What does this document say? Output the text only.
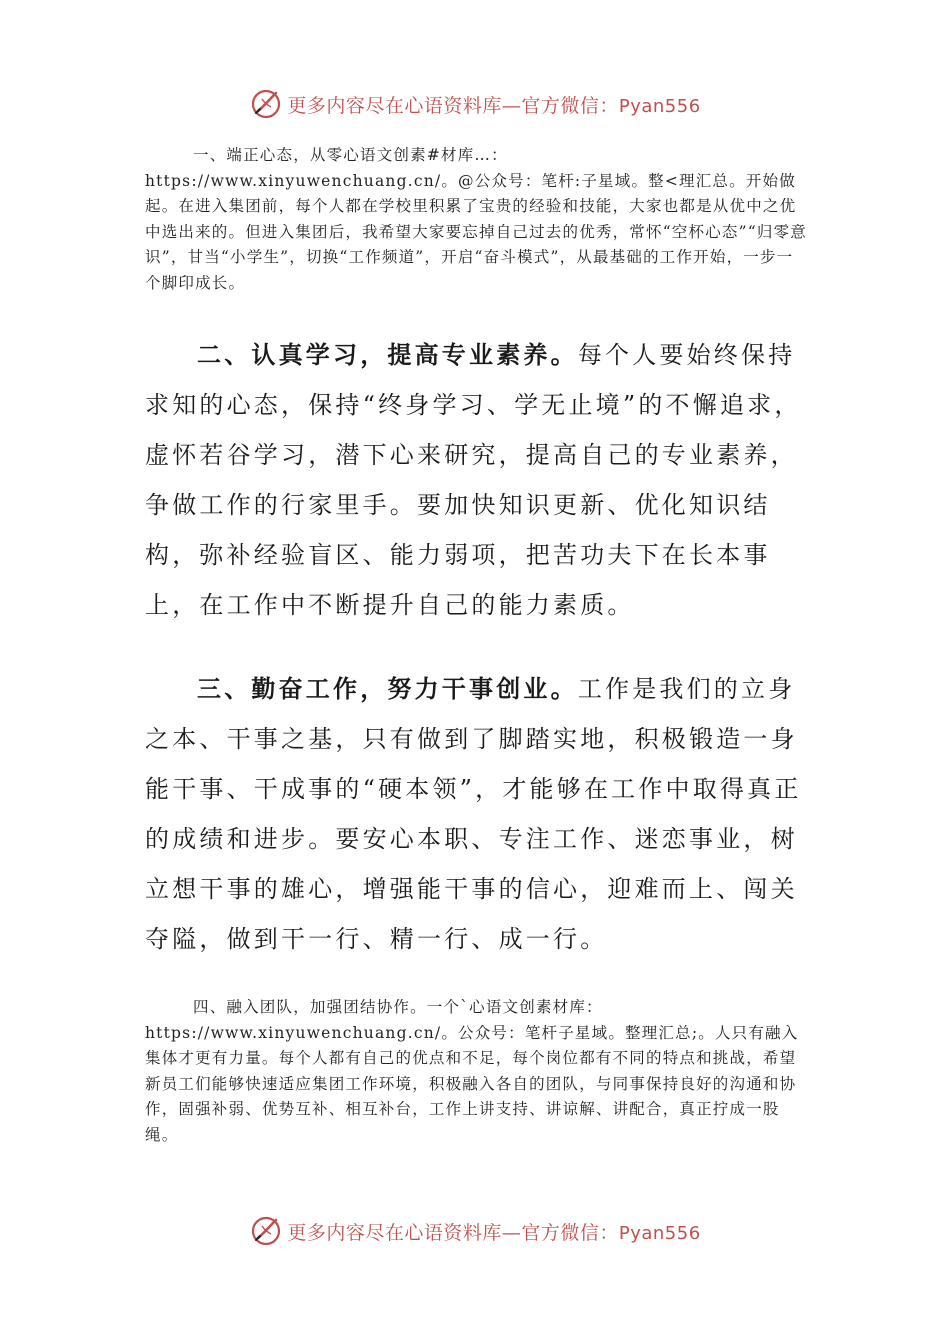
更多内容尽在心语资料库—官方微信：Pyan556

一、端正心态，从零心语文创素#材库…：https://www.xinyuwenchuang.cn/。@公众号：笔杆:子星域。整<理汇总。开始做起。在进入集团前，每个人都在学校里积累了宝贵的经验和技能，大家也都是从优中之优中选出来的。但进入集团后，我希望大家要忘掉自己过去的优秀，常怀“空杯心态”“归零意识”，甘当“小学生”，切换“工作频道”，开启“奋斗模式”，从最基础的工作开始，一步一个脚印成长。

二、认真学习，提高专业素养。每个人要始终保持求知的心态，保持“终身学习、学无止境”的不懈追求，虚怀若谷学习，潜下心来研究，提高自己的专业素养，争做工作的行家里手。要加快知识更新、优化知识结构，弥补经验盲区、能力弱项，把苦功夫下在长本事上，在工作中不断提升自己的能力素质。

三、勤奋工作，努力干事创业。工作是我们的立身之本、干事之基，只有做到了脚踏实地，积极锻造一身能干事、干成事的“硬本领”，才能够在工作中取得真正的成绩和进步。要安心本职、专注工作、迷恋事业，树立想干事的雄心，增强能干事的信心，迎难而上、闯关夺隘，做到干一行、精一行、成一行。

四、融入团队，加强团结协作。一个`心语文创素材库：https://www.xinyuwenchuang.cn/。公众号：笔杆子星域。整理汇总;。人只有融入集体才更有力量。每个人都有自己的优点和不足，每个岗位都有不同的特点和挑战，希望新员工们能够快速适应集团工作环境，积极融入各自的团队，与同事保持良好的沟通和协作，固强补弱、优势互补、相互补台，工作上讲支持、讲谅解、讲配合，真正拧成一股绳。

更多内容尽在心语资料库—官方微信：Pyan556
